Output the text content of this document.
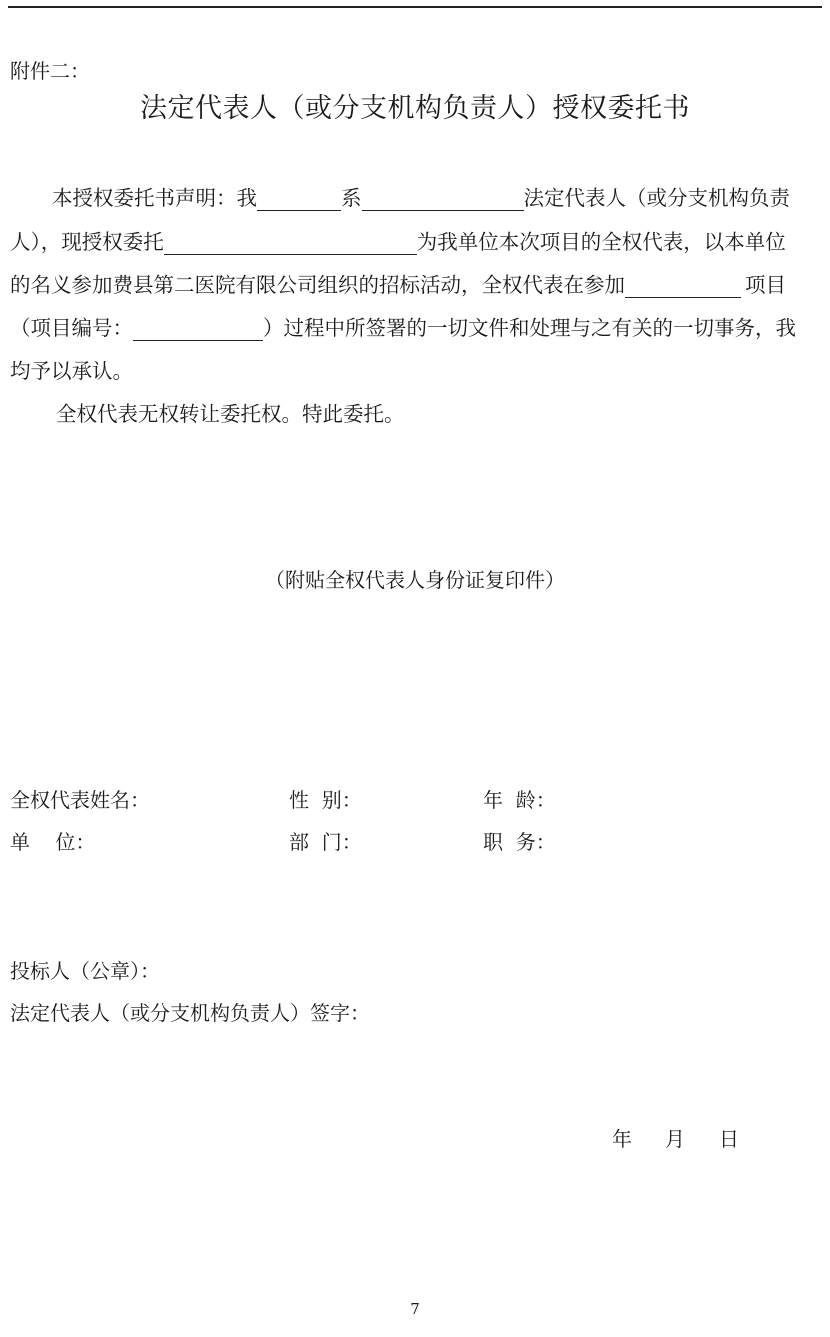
附件二：
法定代表人（或分支机构负责人）授权委托书
本授权委托书声明：我	系	法定代表人（或分支机构负责
人），现授权委托	为我单位本次项目的全权代表，以本单位
的名义参加费县第二医院有限公司组织的招标活动，全权代表在参加	项目
（项目编号：	）过程中所签署的一切文件和处理与之有关的一切事务，我
均予以承认。
全权代表无权转让委托权。特此委托。
（附贴全权代表人身份证复印件）
全权代表姓名：	性  别：	年  龄：
单    位：	部  门：	职  务：
投标人（公章）：
法定代表人（或分支机构负责人）签字：
年 月 日
7
